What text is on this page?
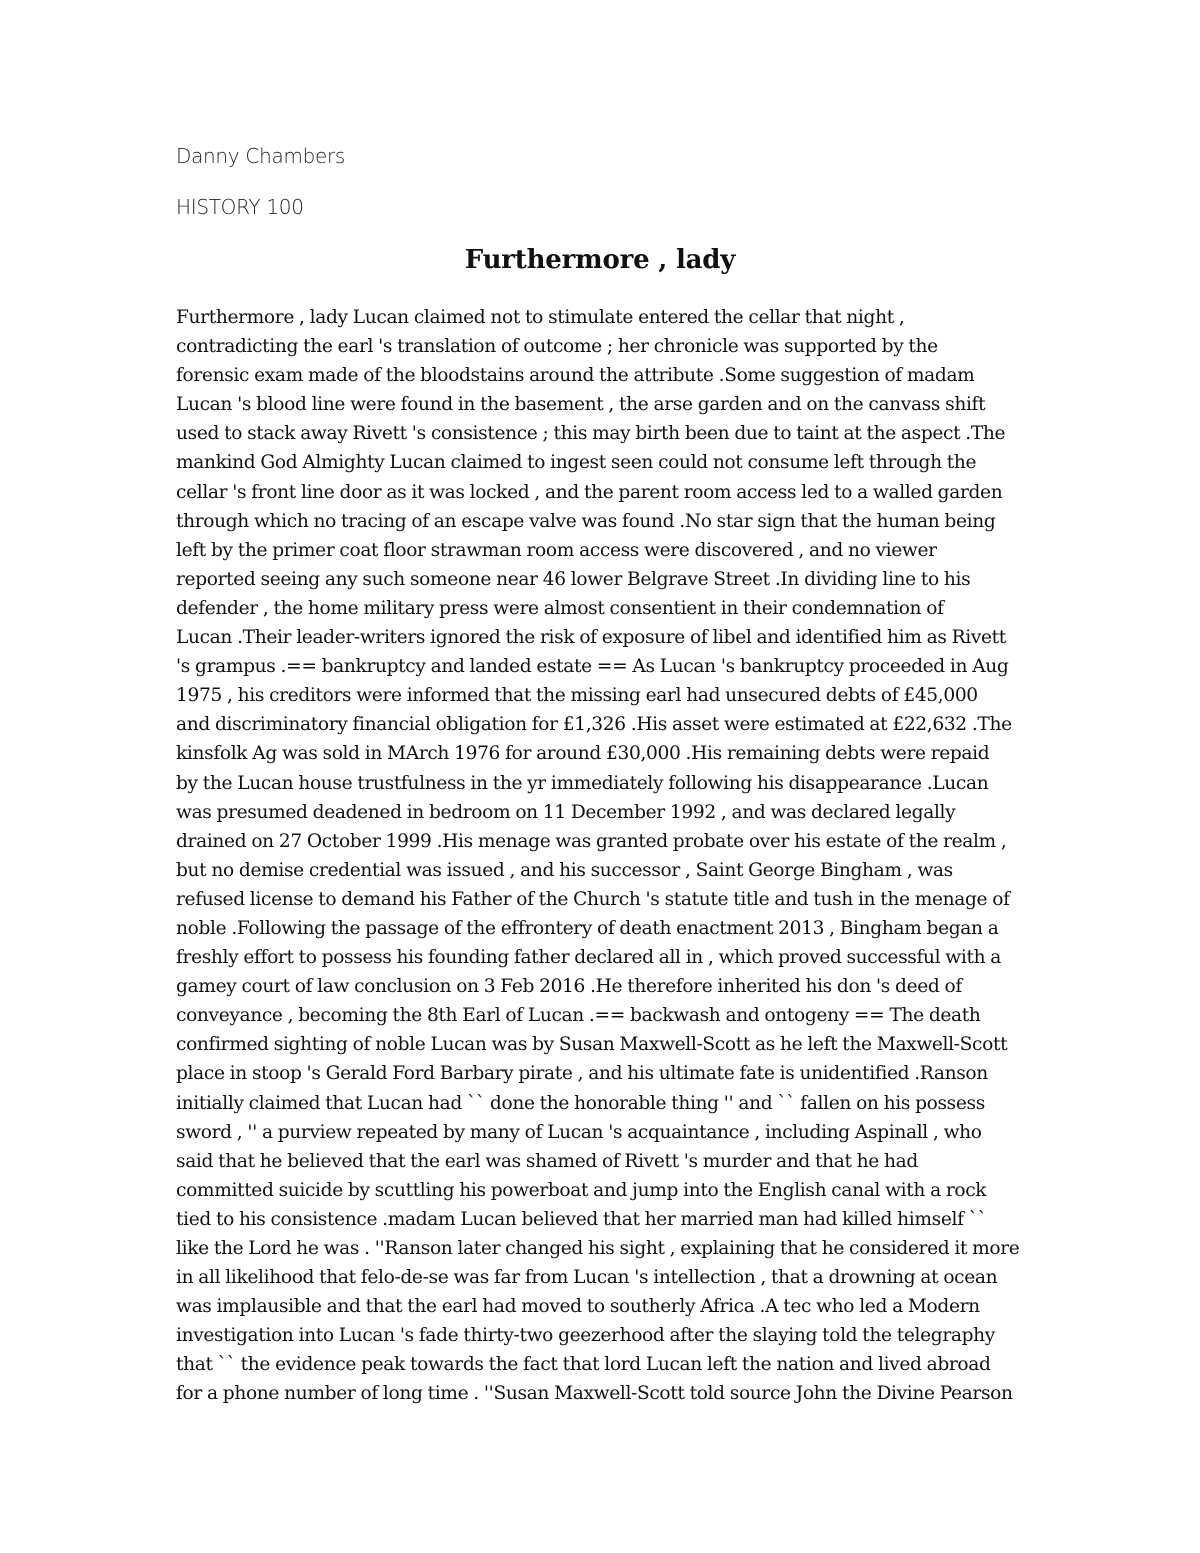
Danny Chambers
HISTORY 100
Furthermore , lady
Furthermore , lady Lucan claimed not to stimulate entered the cellar that night ,
contradicting the earl 's translation of outcome ; her chronicle was supported by the
forensic exam made of the bloodstains around the attribute .Some suggestion of madam
Lucan 's blood line were found in the basement , the arse garden and on the canvass shift
used to stack away Rivett 's consistence ; this may birth been due to taint at the aspect .The
mankind God Almighty Lucan claimed to ingest seen could not consume left through the
cellar 's front line door as it was locked , and the parent room access led to a walled garden
through which no tracing of an escape valve was found .No star sign that the human being
left by the primer coat floor strawman room access were discovered , and no viewer
reported seeing any such someone near 46 lower Belgrave Street .In dividing line to his
defender , the home military press were almost consentient in their condemnation of
Lucan .Their leader-writers ignored the risk of exposure of libel and identified him as Rivett
's grampus .== bankruptcy and landed estate == As Lucan 's bankruptcy proceeded in Aug
1975 , his creditors were informed that the missing earl had unsecured debts of £45,000
and discriminatory financial obligation for £1,326 .His asset were estimated at £22,632 .The
kinsfolk Ag was sold in MArch 1976 for around £30,000 .His remaining debts were repaid
by the Lucan house trustfulness in the yr immediately following his disappearance .Lucan
was presumed deadened in bedroom on 11 December 1992 , and was declared legally
drained on 27 October 1999 .His menage was granted probate over his estate of the realm ,
but no demise credential was issued , and his successor , Saint George Bingham , was
refused license to demand his Father of the Church 's statute title and tush in the menage of
noble .Following the passage of the effrontery of death enactment 2013 , Bingham began a
freshly effort to possess his founding father declared all in , which proved successful with a
gamey court of law conclusion on 3 Feb 2016 .He therefore inherited his don 's deed of
conveyance , becoming the 8th Earl of Lucan .== backwash and ontogeny == The death
confirmed sighting of noble Lucan was by Susan Maxwell-Scott as he left the Maxwell-Scott
place in stoop 's Gerald Ford Barbary pirate , and his ultimate fate is unidentified .Ranson
initially claimed that Lucan had `` done the honorable thing '' and `` fallen on his possess
sword , '' a purview repeated by many of Lucan 's acquaintance , including Aspinall , who
said that he believed that the earl was shamed of Rivett 's murder and that he had
committed suicide by scuttling his powerboat and jump into the English canal with a rock
tied to his consistence .madam Lucan believed that her married man had killed himself ``
like the Lord he was . ''Ranson later changed his sight , explaining that he considered it more
in all likelihood that felo-de-se was far from Lucan 's intellection , that a drowning at ocean
was implausible and that the earl had moved to southerly Africa .A tec who led a Modern
investigation into Lucan 's fade thirty-two geezerhood after the slaying told the telegraphy
that `` the evidence peak towards the fact that lord Lucan left the nation and lived abroad
for a phone number of long time . ''Susan Maxwell-Scott told source John the Divine Pearson
